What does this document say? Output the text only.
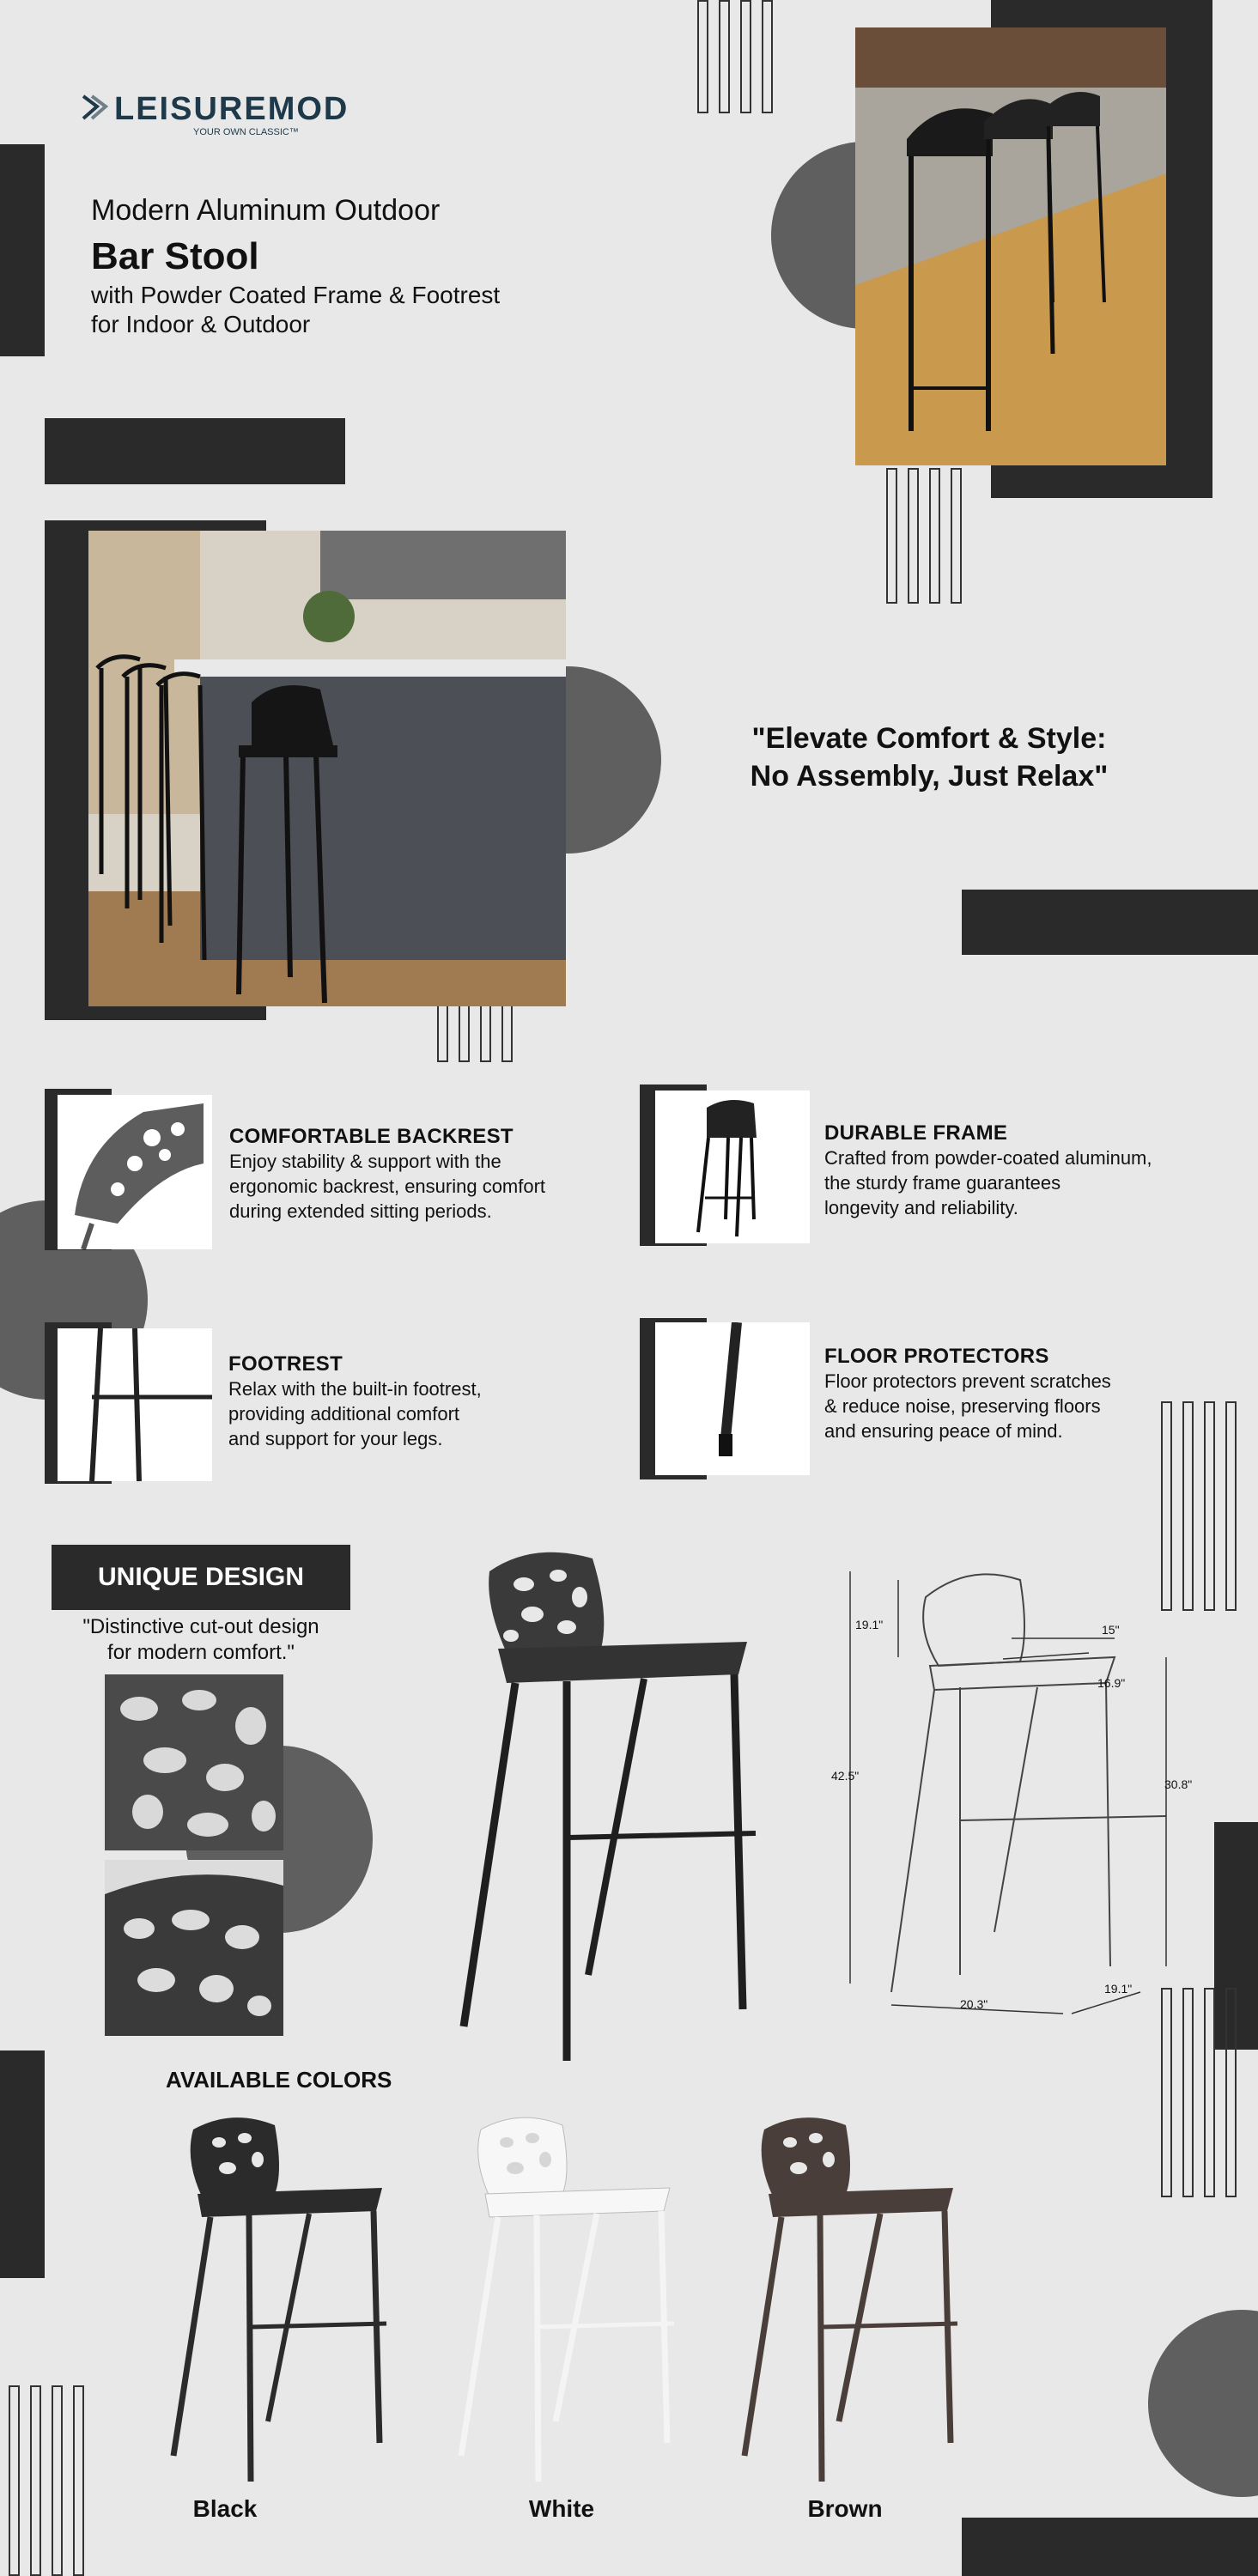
LEISUREMOD
YOUR OWN CLASSIC™
Modern Aluminum Outdoor
Bar Stool
with Powder Coated Frame & Footrest
for Indoor & Outdoor
"Elevate Comfort & Style:
No Assembly, Just Relax"
COMFORTABLE BACKREST
Enjoy stability & support with the
ergonomic backrest, ensuring comfort
during extended sitting periods.
DURABLE FRAME
Crafted from powder-coated aluminum,
the sturdy frame guarantees
longevity and reliability.
FOOTREST
Relax with the built-in footrest,
providing additional comfort
and support for your legs.
FLOOR PROTECTORS
Floor protectors prevent scratches
& reduce noise, preserving floors
and ensuring peace of mind.
UNIQUE DESIGN
"Distinctive cut-out design
for modern comfort."
19.1"	15"
16.9"
42.5"
30.8"
20.3"
19.1"
AVAILABLE COLORS
Black	White	Brown
